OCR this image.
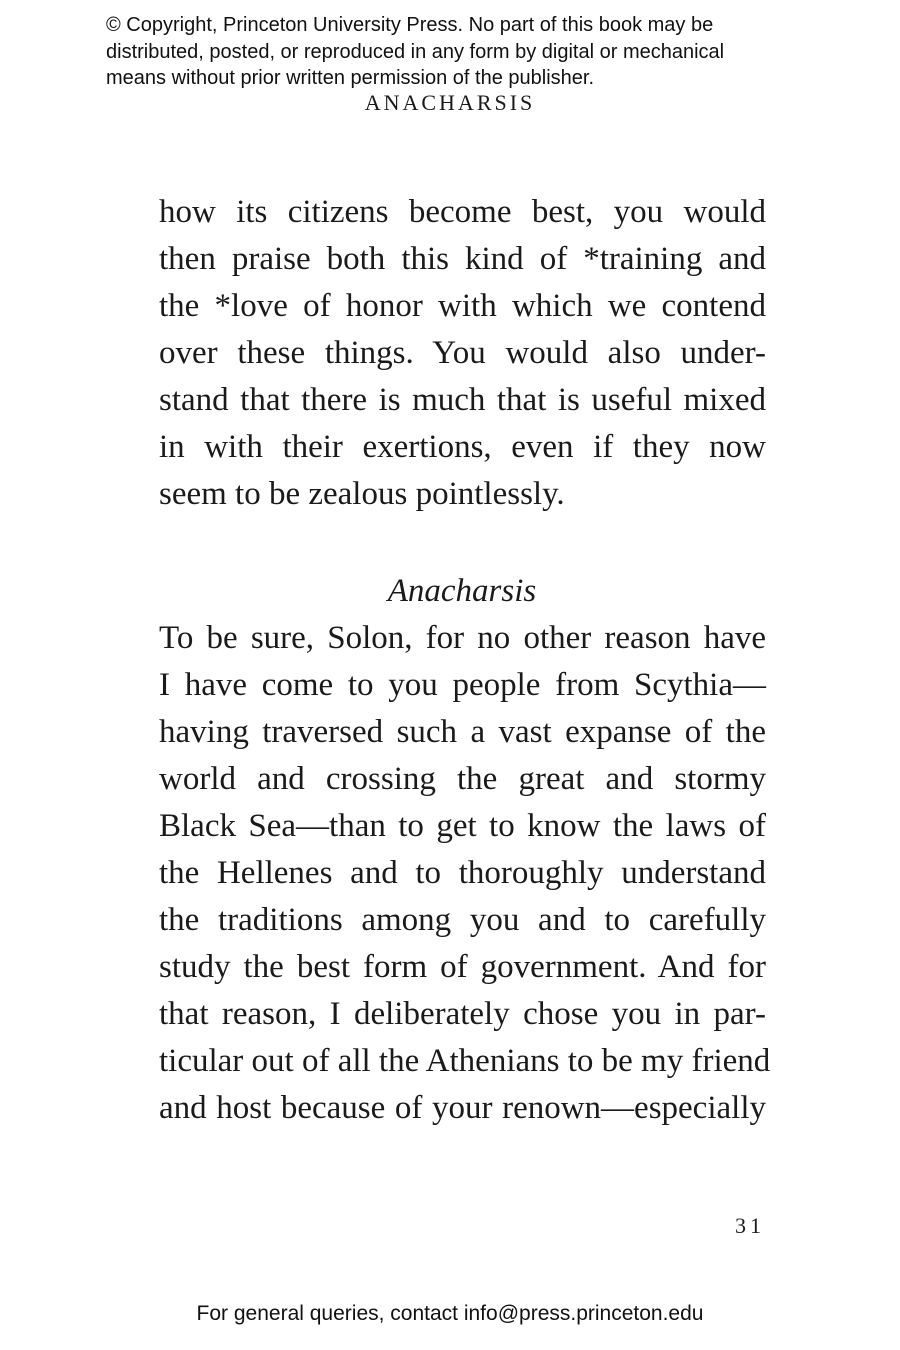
© Copyright, Princeton University Press. No part of this book may be
distributed, posted, or reproduced in any form by digital or mechanical
means without prior written permission of the publisher.
ANACHARSIS
how its citizens become best, you would
then praise both this kind of *training and
the *love of honor with which we contend
over these things. You would also under-
stand that there is much that is useful mixed
in with their exertions, even if they now
seem to be zealous pointlessly.
Anacharsis
To be sure, Solon, for no other reason have
I have come to you people from Scythia—
having traversed such a vast expanse of the
world and crossing the great and stormy
Black Sea—than to get to know the laws of
the Hellenes and to thoroughly understand
the traditions among you and to carefully
study the best form of government. And for
that reason, I deliberately chose you in par-
ticular out of all the Athenians to be my friend
and host because of your renown—especially
31
For general queries, contact info@press.princeton.edu
